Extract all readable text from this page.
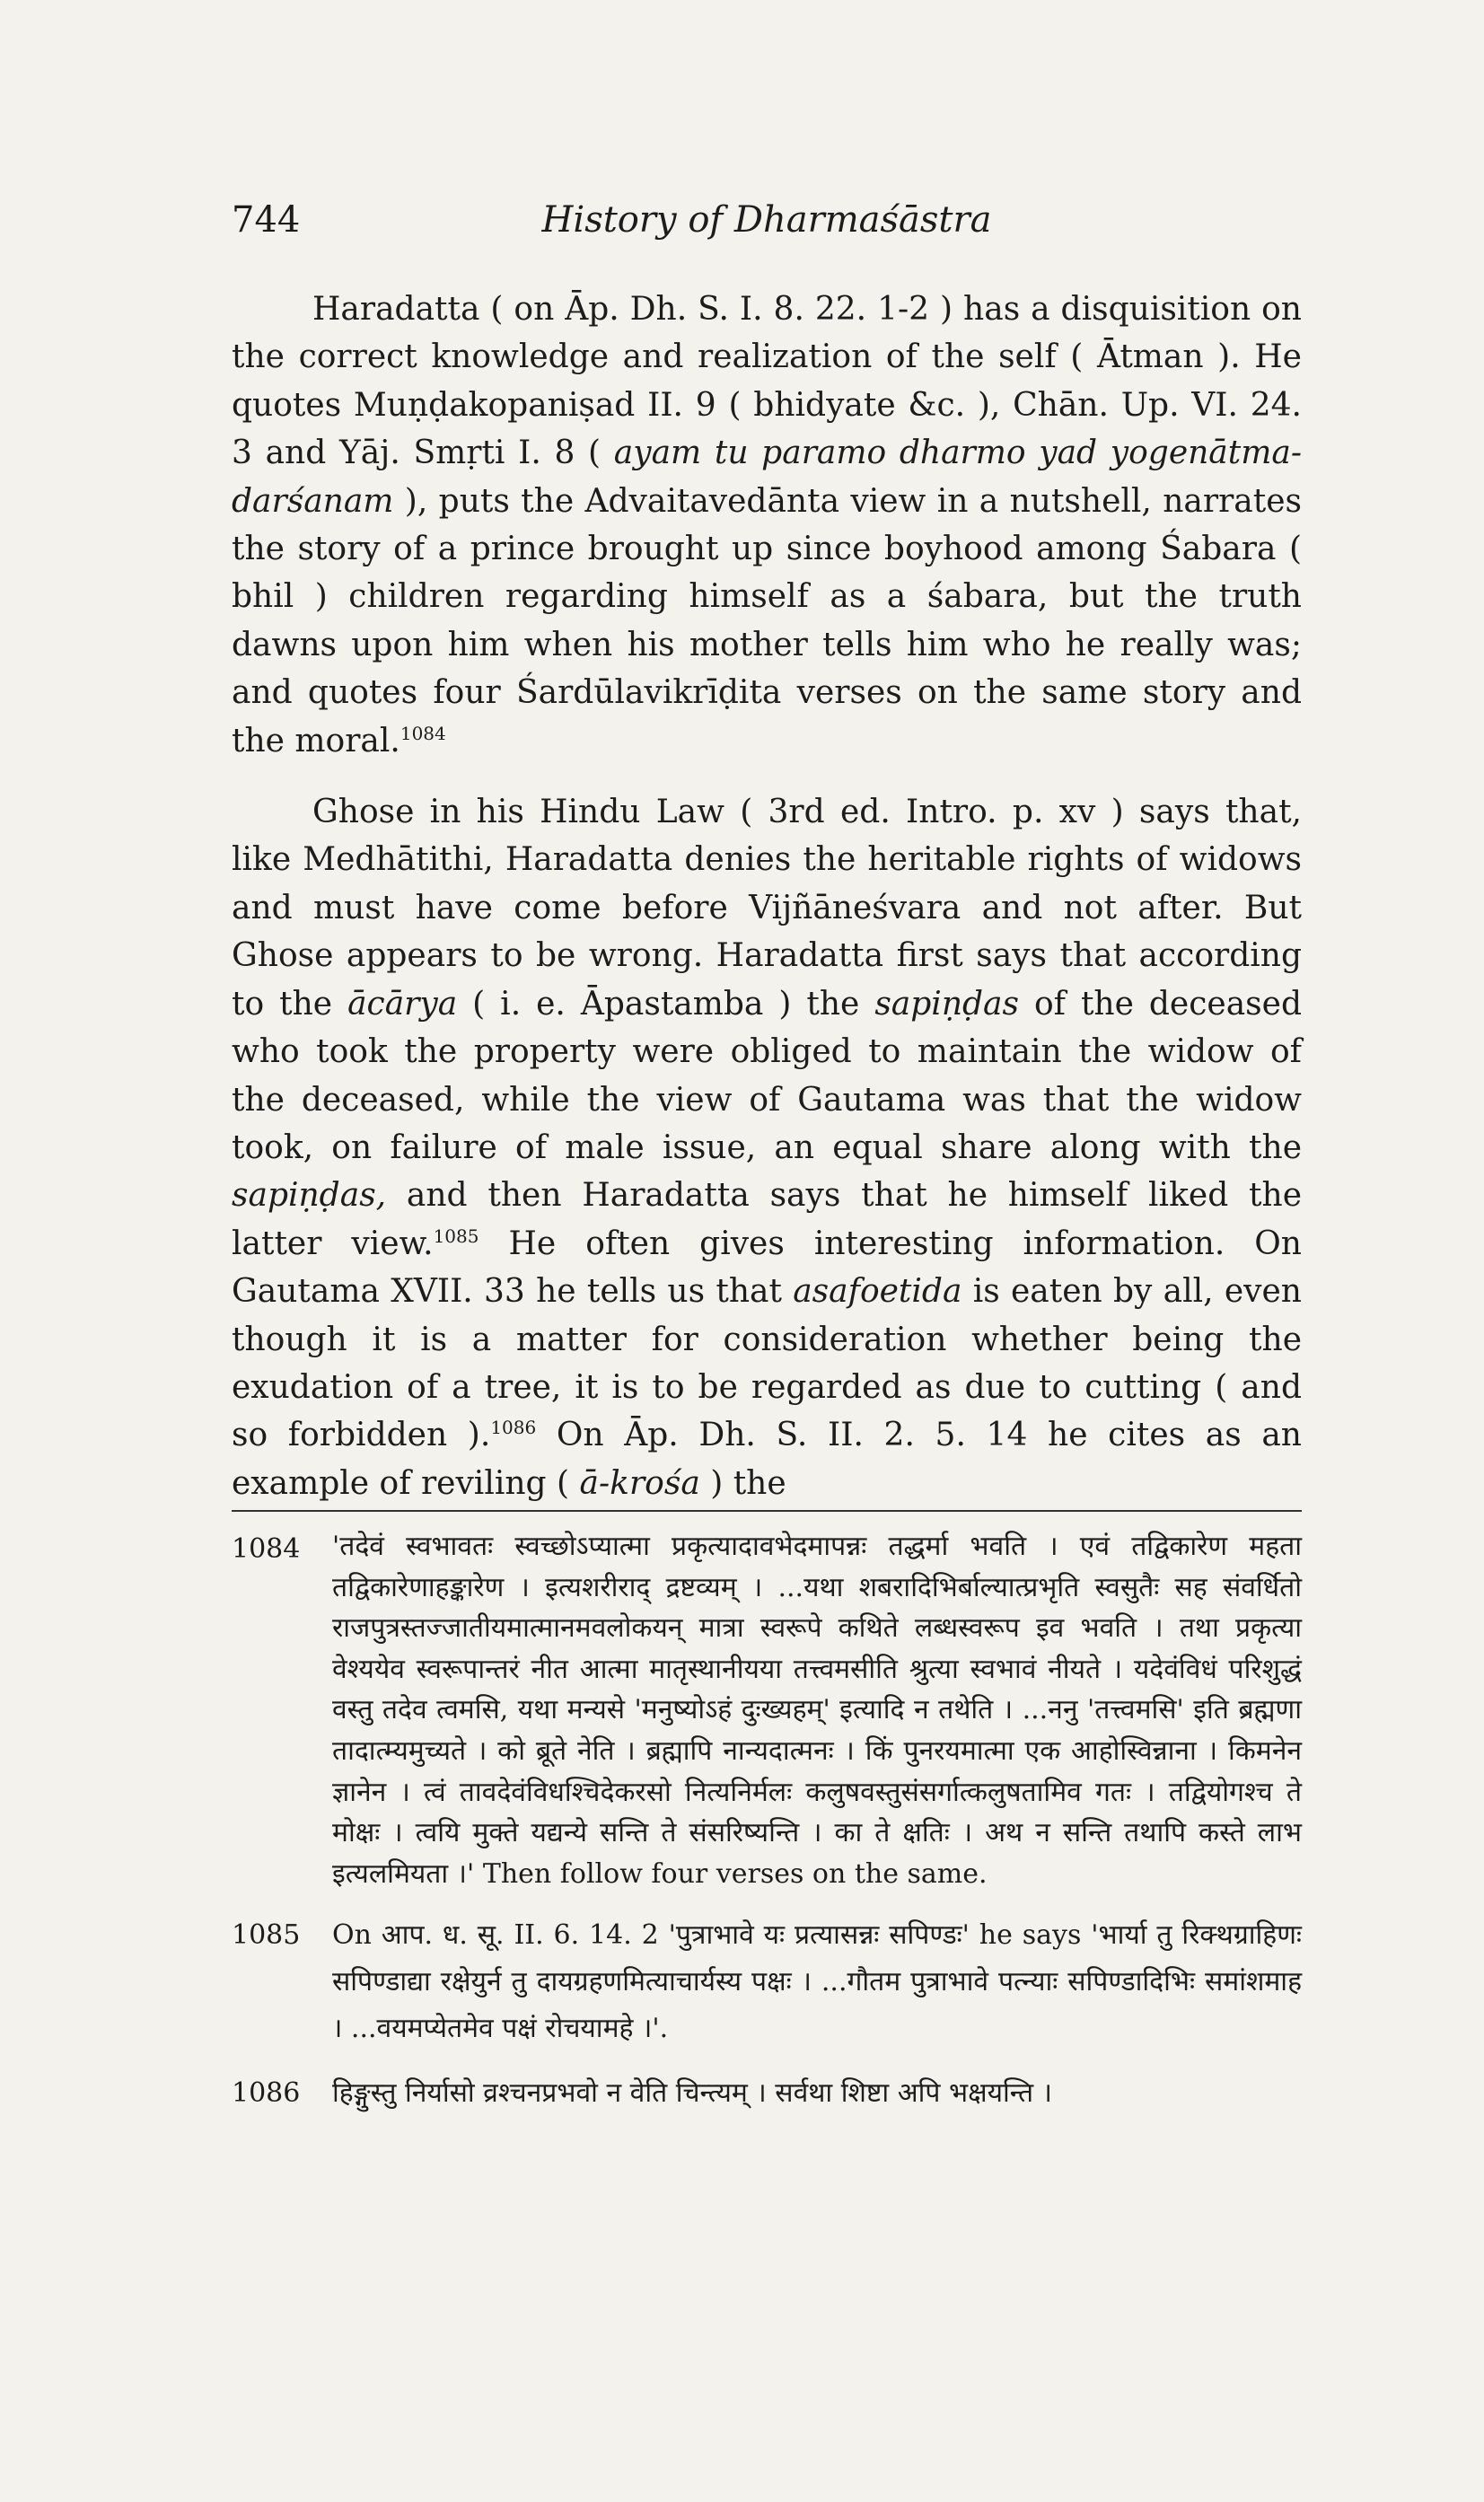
744	History of Dharmaśāstra

Haradatta ( on Āp. Dh. S. I. 8. 22. 1-2 ) has a disquisition on the correct knowledge and realization of the self ( Ātman ). He quotes Muṇḍakopaniṣad II. 9 ( bhidyate &c. ), Chān. Up. VI. 24. 3 and Yāj. Smṛti I. 8 ( ayam tu paramo dharmo yad yogenātma-darśanam ), puts the Advaitavedānta view in a nutshell, narrates the story of a prince brought up since boyhood among Śabara ( bhil ) children regarding himself as a śabara, but the truth dawns upon him when his mother tells him who he really was; and quotes four Śardūlavikrīḍita verses on the same story and the moral.$^{1084}$

Ghose in his Hindu Law ( 3rd ed. Intro. p. xv ) says that, like Medhātithi, Haradatta denies the heritable rights of widows and must have come before Vijñāneśvara and not after. But Ghose appears to be wrong. Haradatta first says that according to the ācārya ( i. e. Āpastamba ) the sapiṇḍas of the deceased who took the property were obliged to maintain the widow of the deceased, while the view of Gautama was that the widow took, on failure of male issue, an equal share along with the sapiṇḍas, and then Haradatta says that he himself liked the latter view.$^{1085}$ He often gives interesting information. On Gautama XVII. 33 he tells us that asafoetida is eaten by all, even though it is a matter for consideration whether being the exudation of a tree, it is to be regarded as due to cutting ( and so forbidden ).$^{1086}$ On Āp. Dh. S. II. 2. 5. 14 he cites as an example of reviling ( ā-krośa ) the

1084	'तदेवं स्वभावतः स्वच्छोऽप्यात्मा प्रकृत्यादावभेदमापन्नः तद्धर्मा भवति । एवं तद्विकारेण महता तद्विकारेणाहङ्कारेण । इत्यशरीराद् द्रष्टव्यम् । ...यथा शबरादिभिर्बाल्यात्प्रभृति स्वसुतैः सह संवर्धितो राजपुत्रस्तज्जातीयमात्मानमवलोकयन् मात्रा स्वरूपे कथिते लब्धस्वरूप इव भवति । तथा प्रकृत्या वेश्ययेव स्वरूपान्तरं नीत आत्मा मातृस्थानीयया तत्त्वमसीति श्रुत्या स्वभावं नीयते । यदेवंविधं परिशुद्धं वस्तु तदेव त्वमसि, यथा मन्यसे 'मनुष्योऽहं दुःख्यहम्' इत्यादि न तथेति । ...ननु 'तत्त्वमसि' इति ब्रह्मणा तादात्म्यमुच्यते । को ब्रूते नेति । ब्रह्मापि नान्यदात्मनः । किं पुनरयमात्मा एक आहोस्विन्नाना । किमनेन ज्ञानेन । त्वं तावदेवंविधश्चिदेकरसो नित्यनिर्मलः कलुषवस्तुसंसर्गात्कलुषतामिव गतः । तद्वियोगश्च ते मोक्षः । त्वयि मुक्ते यद्यन्ये सन्ति ते संसरिष्यन्ति । का ते क्षतिः । अथ न सन्ति तथापि कस्ते लाभ इत्यलमियता ।' Then follow four verses on the same.
1085	On आप. ध. सू. II. 6. 14. 2 'पुत्राभावे यः प्रत्यासन्नः सपिण्डः' he says 'भार्या तु रिक्थग्राहिणः सपिण्डाद्या रक्षेयुर्न तु दायग्रहणमित्याचार्यस्य पक्षः । ...गौतम पुत्राभावे पत्न्याः सपिण्डादिभिः समांशमाह । ...वयमप्येतमेव पक्षं रोचयामहे ।'.
1086	हिङ्गुस्तु निर्यासो व्रश्चनप्रभवो न वेति चिन्त्यम् । सर्वथा शिष्टा अपि भक्षयन्ति ।
